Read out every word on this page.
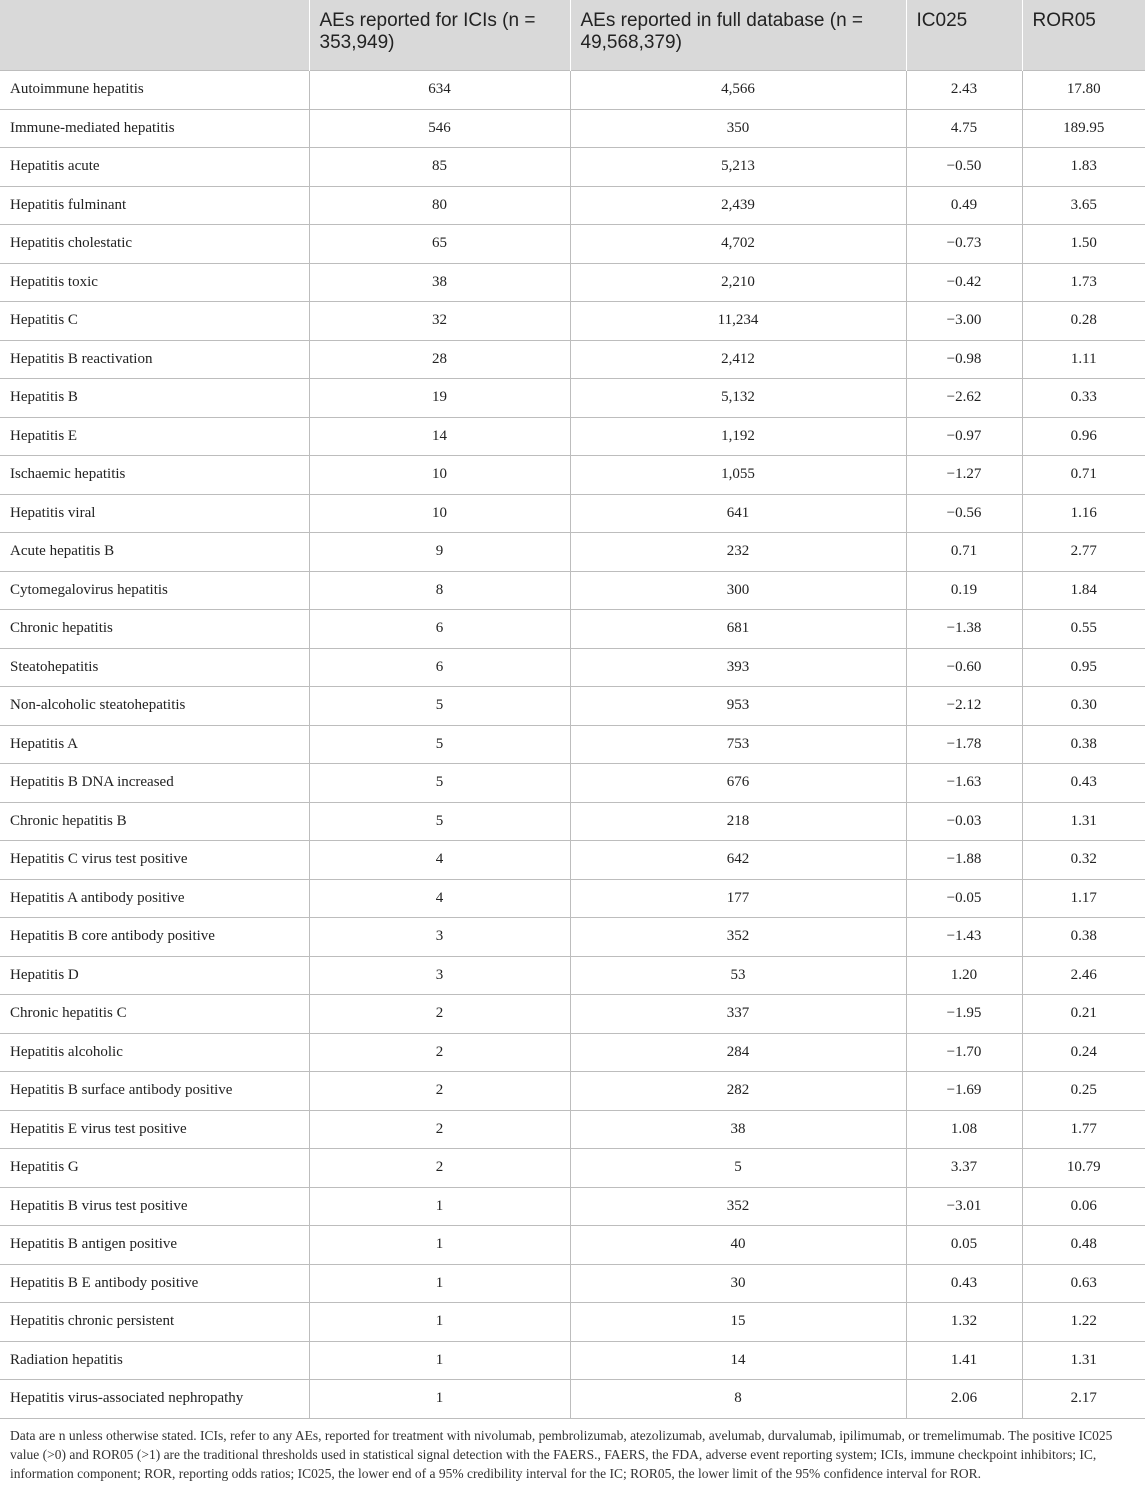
	AEs reported for ICIs (n = 353,949)	AEs reported in full database (n = 49,568,379)	IC025	ROR05
Autoimmune hepatitis	634	4,566	2.43	17.80
Immune-mediated hepatitis	546	350	4.75	189.95
Hepatitis acute	85	5,213	−0.50	1.83
Hepatitis fulminant	80	2,439	0.49	3.65
Hepatitis cholestatic	65	4,702	−0.73	1.50
Hepatitis toxic	38	2,210	−0.42	1.73
Hepatitis C	32	11,234	−3.00	0.28
Hepatitis B reactivation	28	2,412	−0.98	1.11
Hepatitis B	19	5,132	−2.62	0.33
Hepatitis E	14	1,192	−0.97	0.96
Ischaemic hepatitis	10	1,055	−1.27	0.71
Hepatitis viral	10	641	−0.56	1.16
Acute hepatitis B	9	232	0.71	2.77
Cytomegalovirus hepatitis	8	300	0.19	1.84
Chronic hepatitis	6	681	−1.38	0.55
Steatohepatitis	6	393	−0.60	0.95
Non-alcoholic steatohepatitis	5	953	−2.12	0.30
Hepatitis A	5	753	−1.78	0.38
Hepatitis B DNA increased	5	676	−1.63	0.43
Chronic hepatitis B	5	218	−0.03	1.31
Hepatitis C virus test positive	4	642	−1.88	0.32
Hepatitis A antibody positive	4	177	−0.05	1.17
Hepatitis B core antibody positive	3	352	−1.43	0.38
Hepatitis D	3	53	1.20	2.46
Chronic hepatitis C	2	337	−1.95	0.21
Hepatitis alcoholic	2	284	−1.70	0.24
Hepatitis B surface antibody positive	2	282	−1.69	0.25
Hepatitis E virus test positive	2	38	1.08	1.77
Hepatitis G	2	5	3.37	10.79
Hepatitis B virus test positive	1	352	−3.01	0.06
Hepatitis B antigen positive	1	40	0.05	0.48
Hepatitis B E antibody positive	1	30	0.43	0.63
Hepatitis chronic persistent	1	15	1.32	1.22
Radiation hepatitis	1	14	1.41	1.31
Hepatitis virus-associated nephropathy	1	8	2.06	2.17
Data are n unless otherwise stated. ICIs, refer to any AEs, reported for treatment with nivolumab, pembrolizumab, atezolizumab, avelumab, durvalumab, ipilimumab, or tremelimumab. The positive IC025 value (>0) and ROR05 (>1) are the traditional thresholds used in statistical signal detection with the FAERS., FAERS, the FDA, adverse event reporting system; ICIs, immune checkpoint inhibitors; IC, information component; ROR, reporting odds ratios; IC025, the lower end of a 95% credibility interval for the IC; ROR05, the lower limit of the 95% confidence interval for ROR.
